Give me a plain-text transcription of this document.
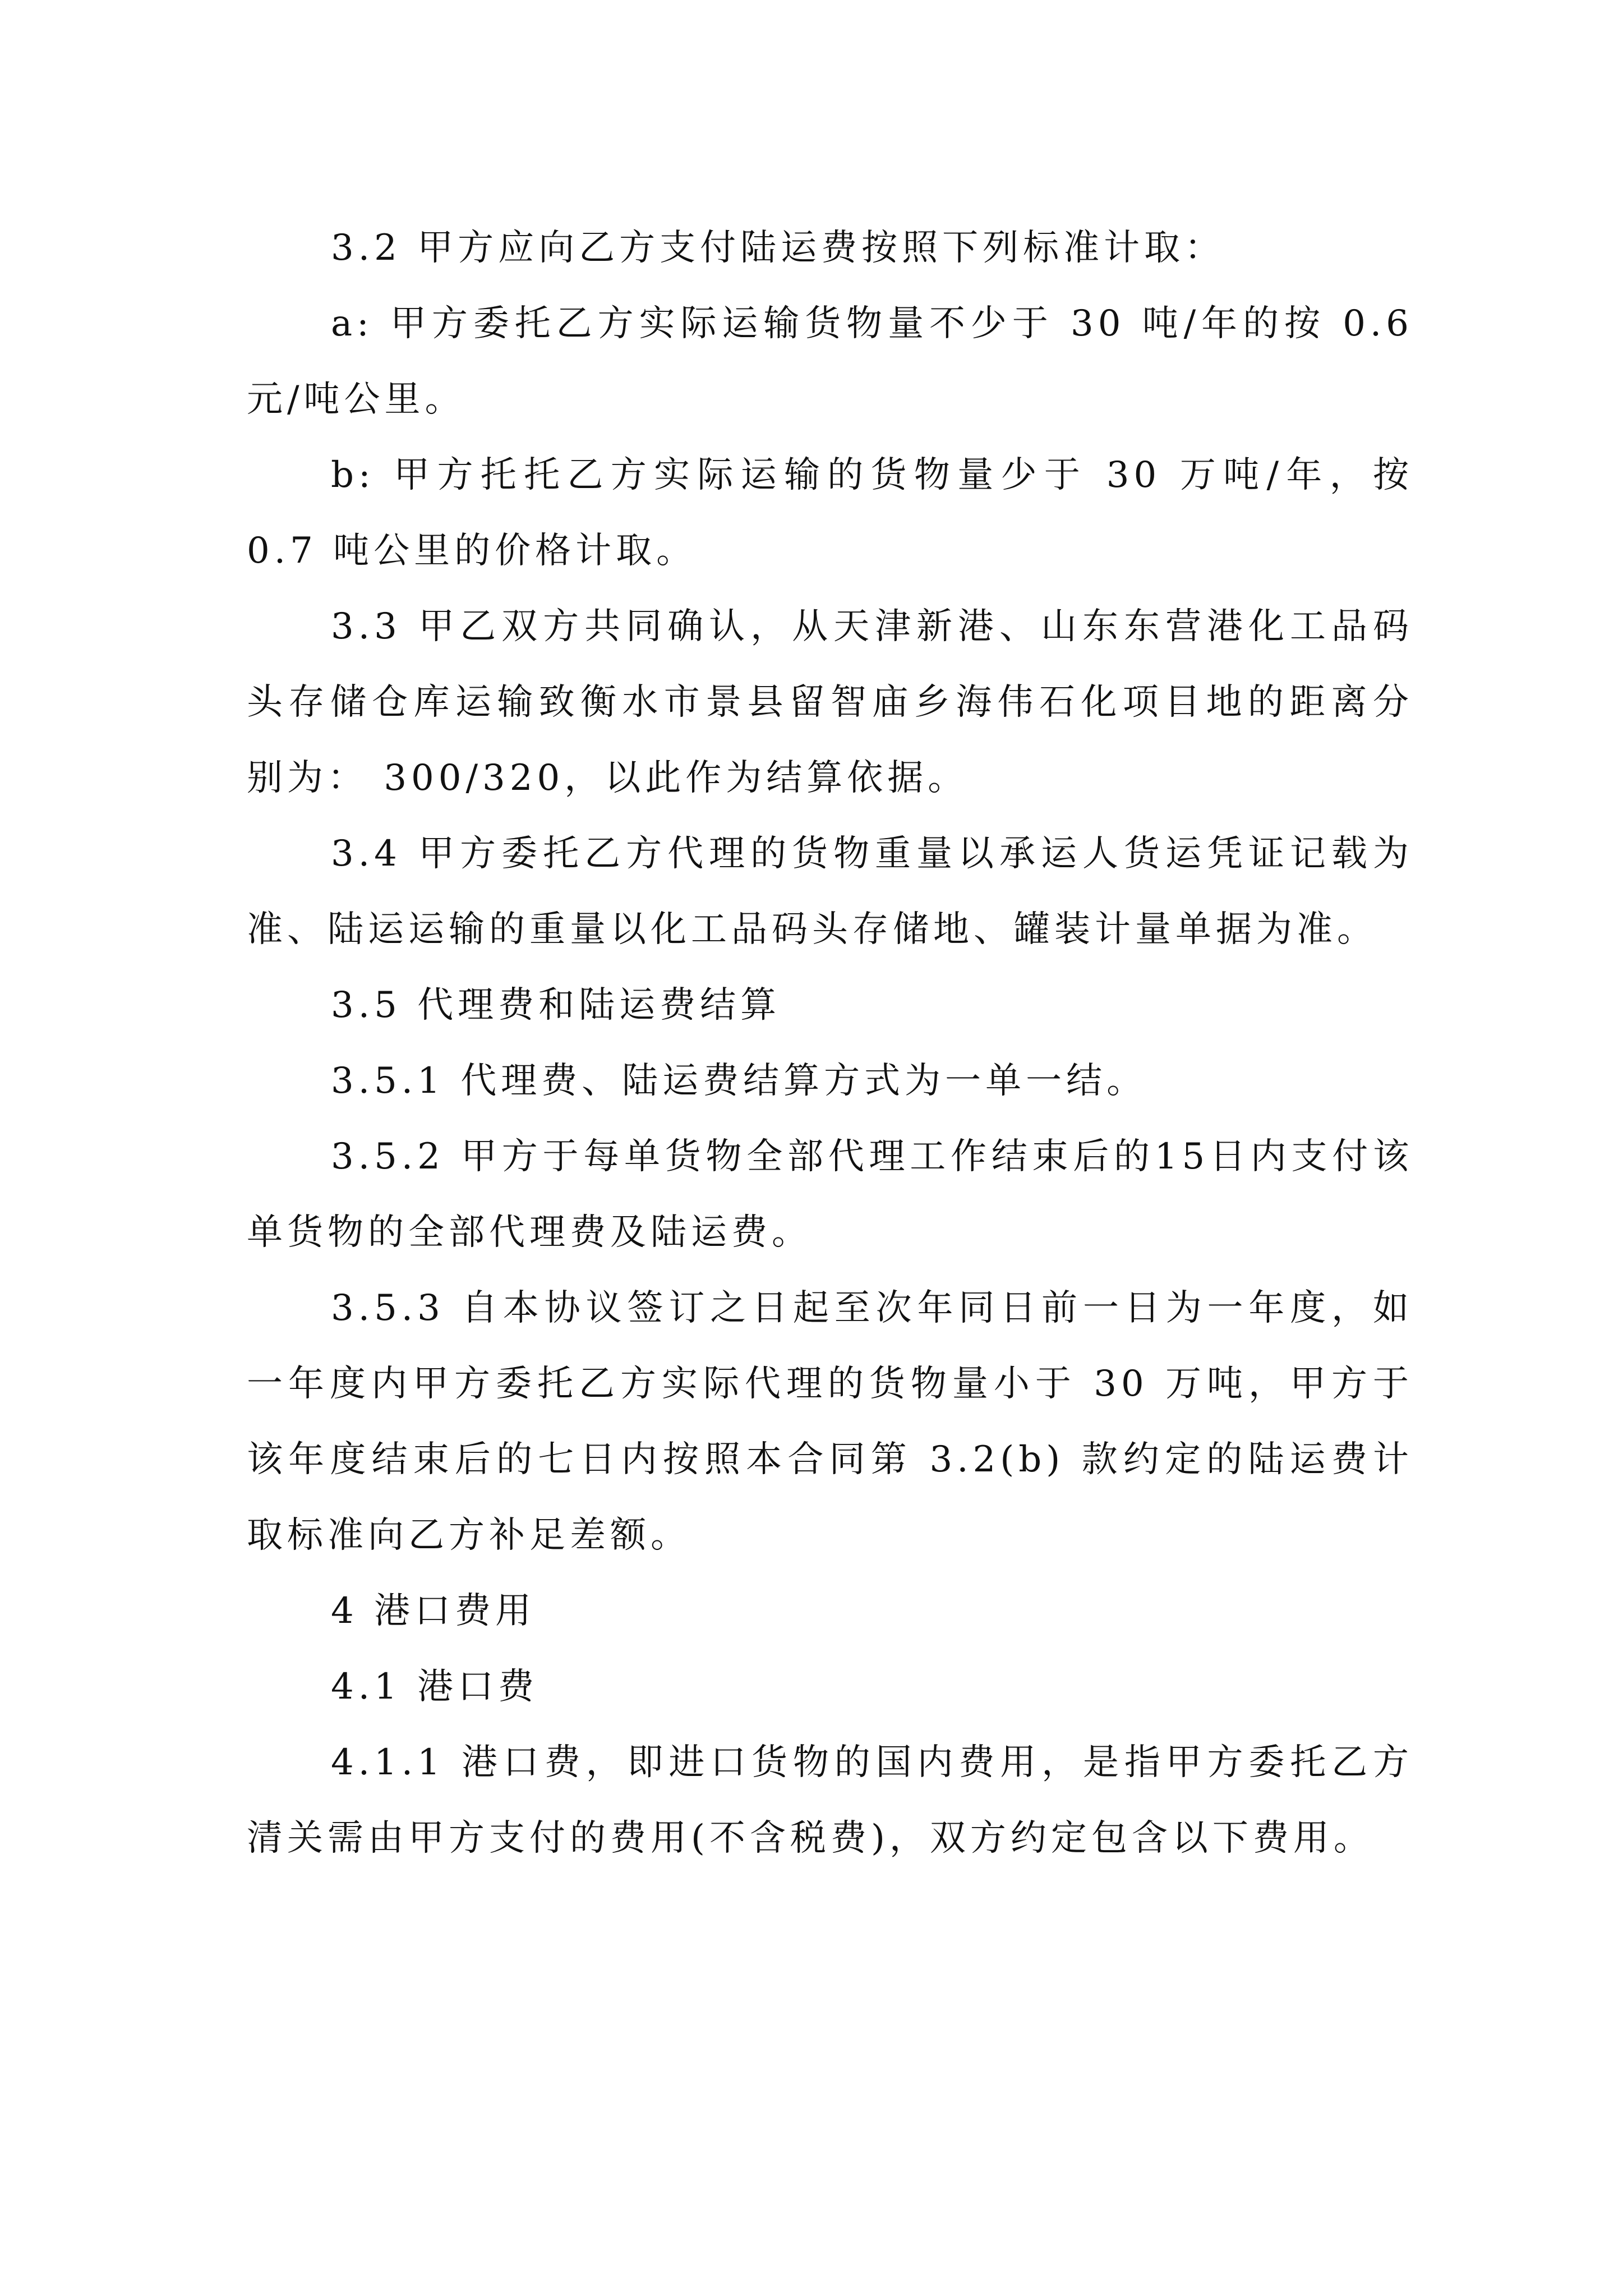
3.2 甲方应向乙方支付陆运费按照下列标准计取：

a: 甲方委托乙方实际运输货物量不少于 30 吨/年的按 0.6 元/吨公里。

b: 甲方托托乙方实际运输的货物量少于 30 万吨/年，按 0.7 吨公里的价格计取。

3.3 甲乙双方共同确认，从天津新港、山东东营港化工品码头存储仓库运输致衡水市景县留智庙乡海伟石化项目地的距离分别为： 300/320，以此作为结算依据。

3.4 甲方委托乙方代理的货物重量以承运人货运凭证记载为准、陆运运输的重量以化工品码头存储地、罐装计量单据为准。

3.5 代理费和陆运费结算

3.5.1 代理费、陆运费结算方式为一单一结。

3.5.2 甲方于每单货物全部代理工作结束后的15日内支付该单货物的全部代理费及陆运费。

3.5.3 自本协议签订之日起至次年同日前一日为一年度，如一年度内甲方委托乙方实际代理的货物量小于 30 万吨，甲方于该年度结束后的七日内按照本合同第 3.2(b) 款约定的陆运费计取标准向乙方补足差额。

4 港口费用

4.1 港口费

4.1.1 港口费，即进口货物的国内费用，是指甲方委托乙方清关需由甲方支付的费用(不含税费)，双方约定包含以下费用。
